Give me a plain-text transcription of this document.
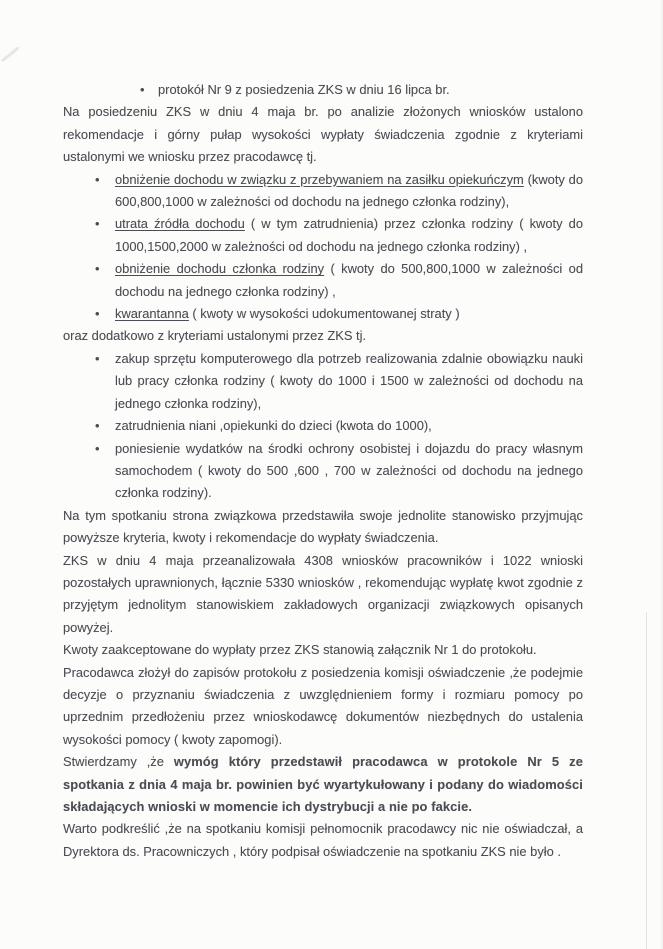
• protokół Nr 9 z posiedzenia ZKS w dniu 16 lipca br.

Na posiedzeniu ZKS w dniu 4 maja br. po analizie złożonych wniosków ustalono rekomendacje i górny pułap wysokości wypłaty świadczenia zgodnie z kryteriami ustalonymi we wniosku przez pracodawcę tj.

• obniżenie dochodu w związku z przebywaniem na zasiłku opiekuńczym (kwoty do 600,800,1000 w zależności od dochodu na jednego członka rodziny),
• utrata źródła dochodu ( w tym zatrudnienia) przez członka rodziny ( kwoty do 1000,1500,2000 w zależności od dochodu na jednego członka rodziny) ,
• obniżenie dochodu członka rodziny ( kwoty do 500,800,1000 w zależności od dochodu na jednego członka rodziny) ,
• kwarantanna ( kwoty w wysokości udokumentowanej straty )

oraz dodatkowo z kryteriami ustalonymi przez ZKS tj.

• zakup sprzętu komputerowego dla potrzeb realizowania zdalnie obowiązku nauki lub pracy członka rodziny ( kwoty do 1000 i 1500 w zależności od dochodu na jednego członka rodziny),
• zatrudnienia niani ,opiekunki do dzieci (kwota do 1000),
• poniesienie wydatków na środki ochrony osobistej i dojazdu do pracy własnym samochodem ( kwoty do 500 ,600 , 700 w zależności od dochodu na jednego członka rodziny).

Na tym spotkaniu strona związkowa przedstawiła swoje jednolite stanowisko przyjmując powyższe kryteria, kwoty i rekomendacje do wypłaty świadczenia.

ZKS w dniu 4 maja przeanalizowała 4308 wniosków pracowników i 1022 wnioski pozostałych uprawnionych, łącznie 5330 wniosków , rekomendując wypłatę kwot zgodnie z przyjętym jednolitym stanowiskiem zakładowych organizacji związkowych opisanych powyżej.

Kwoty zaakceptowane do wypłaty przez ZKS stanowią załącznik Nr 1 do protokołu.

Pracodawca złożył do zapisów protokołu z posiedzenia komisji oświadczenie ,że podejmie decyzje o przyznaniu świadczenia z uwzględnieniem formy i rozmiaru pomocy po uprzednim przedłożeniu przez wnioskodawcę dokumentów niezbędnych do ustalenia wysokości pomocy ( kwoty zapomogi).

Stwierdzamy ,że wymóg który przedstawił pracodawca w protokole Nr 5 ze spotkania z dnia 4 maja br. powinien być wyartykułowany i podany do wiadomości składających wnioski w momencie ich dystrybucji a nie po fakcie.

Warto podkreślić ,że na spotkaniu komisji pełnomocnik pracodawcy nic nie oświadczał, a Dyrektora ds. Pracowniczych , który podpisał oświadczenie na spotkaniu ZKS nie było .
